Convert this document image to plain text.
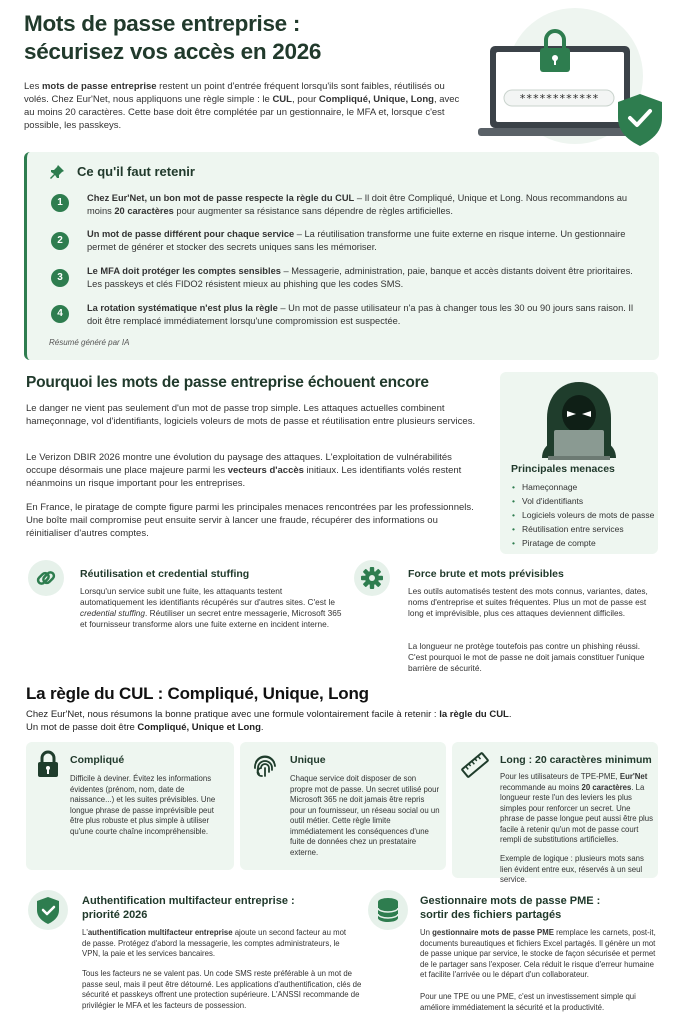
Mots de passe entreprise :
sécurisez vos accès en 2026
Les mots de passe entreprise restent un point d'entrée fréquent lorsqu'ils sont faibles, réutilisés ou volés. Chez Eur'Net, nous appliquons une règle simple : le CUL, pour Compliqué, Unique, Long, avec au moins 20 caractères. Cette base doit être complétée par un gestionnaire, le MFA et, lorsque c'est possible, les passkeys.
************
Ce qu'il faut retenir
1	Chez Eur'Net, un bon mot de passe respecte la règle du CUL – Il doit être Compliqué, Unique et Long. Nous recommandons au moins 20 caractères pour augmenter sa résistance sans dépendre de règles artificielles.
2
Un mot de passe différent pour chaque service – La réutilisation transforme une fuite externe en risque interne. Un gestionnaire permet de générer et stocker des secrets uniques sans les mémoriser.
3
Le MFA doit protéger les comptes sensibles – Messagerie, administration, paie, banque et accès distants doivent être prioritaires. Les passkeys et clés FIDO2 résistent mieux au phishing que les codes SMS.
4	La rotation systématique n'est plus la règle – Un mot de passe utilisateur n'a pas à changer tous les 30 ou 90 jours sans raison. Il doit être remplacé immédiatement lorsqu'une compromission est suspectée.
Résumé généré par IA
Pourquoi les mots de passe entreprise échouent encore
Le danger ne vient pas seulement d'un mot de passe trop simple. Les attaques actuelles combinent hameçonnage, vol d'identifiants, logiciels voleurs de mots de passe et réutilisation entre plusieurs services.
Le Verizon DBIR 2026 montre une évolution du paysage des attaques. L'exploitation de vulnérabilités occupe désormais une place majeure parmi les vecteurs d'accès initiaux. Les identifiants volés restent néanmoins un risque important pour les entreprises.
En France, le piratage de compte figure parmi les principales menaces rencontrées par les professionnels. Une boîte mail compromise peut ensuite servir à lancer une fraude, récupérer des informations ou réinitialiser d'autres comptes.
Principales menaces
• Hameçonnage
• Vol d'identifiants
• Logiciels voleurs de mots de passe
• Réutilisation entre services
• Piratage de compte
Réutilisation et credential stuffing
Lorsqu'un service subit une fuite, les attaquants testent automatiquement les identifiants récupérés sur d'autres sites. C'est le credential stuffing. Réutiliser un secret entre messagerie, Microsoft 365 et fournisseur transforme alors une fuite externe en incident interne.
Force brute et mots prévisibles
Les outils automatisés testent des mots connus, variantes, dates, noms d'entreprise et suites fréquentes. Plus un mot de passe est long et imprévisible, plus ces attaques deviennent difficiles.
La longueur ne protège toutefois pas contre un phishing réussi. C'est pourquoi le mot de passe ne doit jamais constituer l'unique barrière de sécurité.
La règle du CUL : Compliqué, Unique, Long
Chez Eur'Net, nous résumons la bonne pratique avec une formule volontairement facile à retenir : la règle du CUL.
Un mot de passe doit être Compliqué, Unique et Long.
Compliqué
Difficile à deviner. Évitez les informations évidentes (prénom, nom, date de naissance...) et les suites prévisibles. Une longue phrase de passe imprévisible peut être plus robuste et plus simple à utiliser qu'une courte chaîne incompréhensible.
Unique
Chaque service doit disposer de son propre mot de passe. Un secret utilisé pour Microsoft 365 ne doit jamais être repris pour un fournisseur, un réseau social ou un outil métier. Cette règle limite immédiatement les conséquences d'une fuite de données chez un prestataire externe.
Long : 20 caractères minimum
Pour les utilisateurs de TPE-PME, Eur'Net recommande au moins 20 caractères. La longueur reste l'un des leviers les plus simples pour renforcer un secret. Une phrase de passe longue peut aussi être plus facile à retenir qu'un mot de passe court rempli de substitutions artificielles.
Exemple de logique : plusieurs mots sans lien évident entre eux, réservés à un seul service.
Authentification multifacteur entreprise :
priorité 2026
L'authentification multifacteur entreprise ajoute un second facteur au mot de passe. Protégez d'abord la messagerie, les comptes administrateurs, le VPN, la paie et les services bancaires.
Tous les facteurs ne se valent pas. Un code SMS reste préférable à un mot de passe seul, mais il peut être détourné. Les applications d'authentification, clés de sécurité et passkeys offrent une protection supérieure. L'ANSSI recommande de privilégier le MFA et les facteurs de possession.
Gestionnaire mots de passe PME :
sortir des fichiers partagés
Un gestionnaire mots de passe PME remplace les carnets, post-it, documents bureautiques et fichiers Excel partagés. Il génère un mot de passe unique par service, le stocke de façon sécurisée et permet de le partager sans l'exposer. Cela réduit le risque d'erreur humaine et facilite l'arrivée ou le départ d'un collaborateur.
Pour une TPE ou une PME, c'est un investissement simple qui améliore immédiatement la sécurité et la productivité.
